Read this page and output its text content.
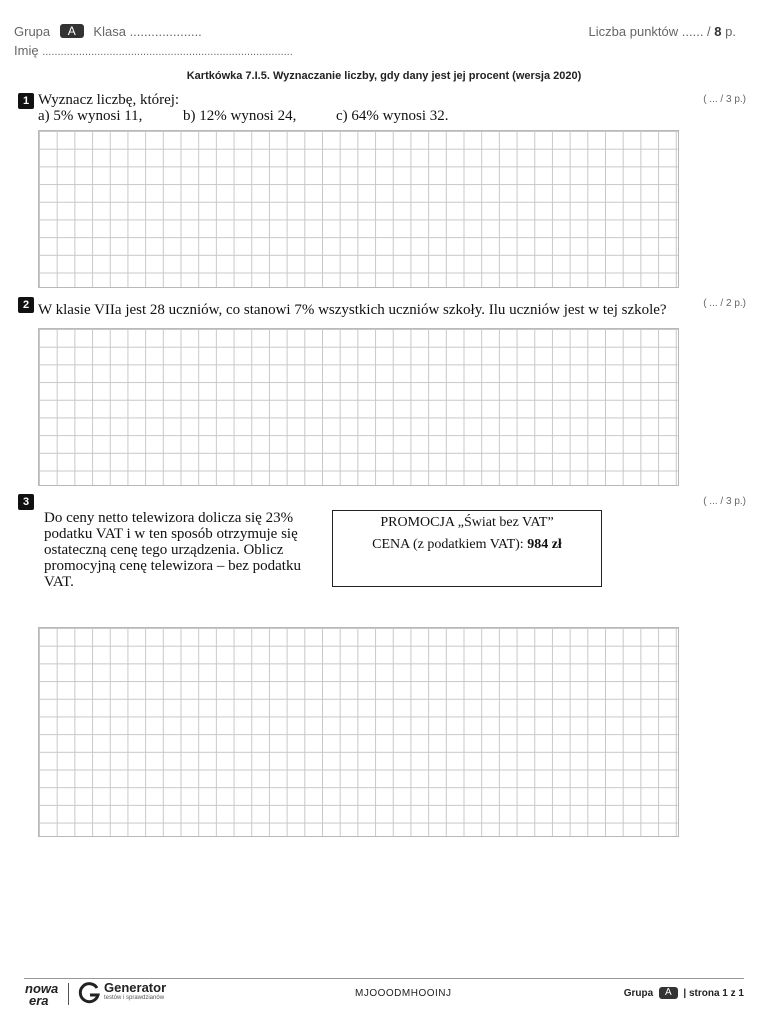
Grupa A Klasa ....................
Imię ..................................................................................
Liczba punktów ...... / 8 p.
Kartkówka 7.I.5. Wyznaczanie liczby, gdy dany jest jej procent (wersja 2020)
1 Wyznacz liczbę, której:
a) 5% wynosi 11,	b) 12% wynosi 24,	c) 64% wynosi 32.
( ... / 3 p.)
2 W klasie VIIa jest 28 uczniów, co stanowi 7% wszystkich uczniów szkoły. Ilu uczniów jest w tej szkole?	( ... / 2 p.)
3	( ... / 3 p.)
Do ceny netto telewizora dolicza się 23%
podatku VAT i w ten sposób otrzymuje się
ostateczną cenę tego urządzenia. Oblicz
promocyjną cenę telewizora – bez podatku
VAT.
PROMOCJA „Świat bez VAT”
CENA (z podatkiem VAT): 984 zł
nowa
era
Generator
testów i sprawdzianów	MJOOODMHOOINJ	Grupa A | strona 1 z 1
